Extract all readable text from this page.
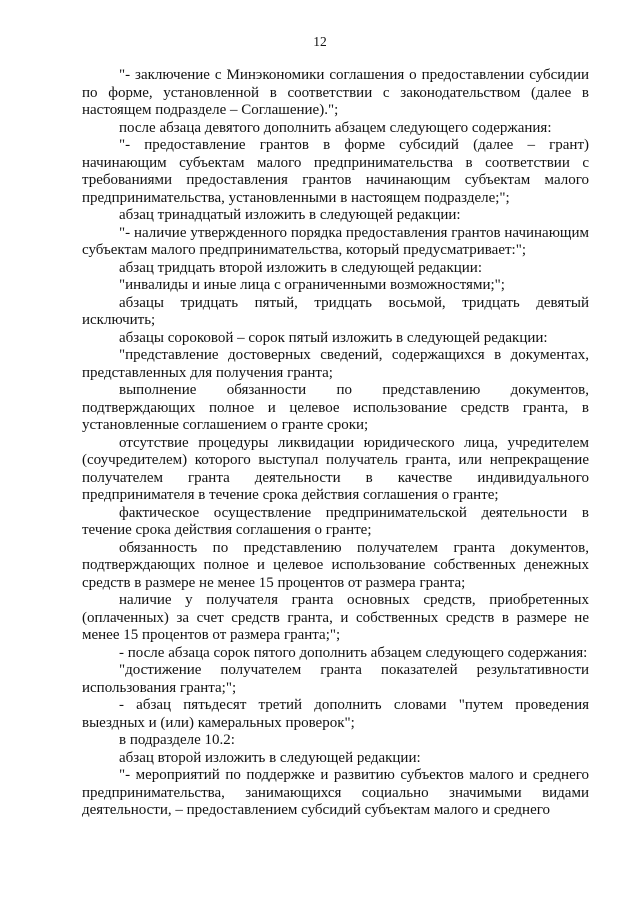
12

"- заключение с Минэкономики соглашения о предоставлении субсидии по форме, установленной в соответствии с законодательством (далее в настоящем подразделе – Соглашение).";

после абзаца девятого дополнить абзацем следующего содержания:

"- предоставление грантов в форме субсидий (далее – грант) начинающим субъектам малого предпринимательства в соответствии с требованиями предоставления грантов начинающим субъектам малого предпринимательства, установленными в настоящем подразделе;";

абзац тринадцатый изложить в следующей редакции:

"- наличие утвержденного порядка предоставления грантов начинающим субъектам малого предпринимательства, который предусматривает:";

абзац тридцать второй изложить в следующей редакции:

"инвалиды и иные лица с ограниченными возможностями;";

абзацы тридцать пятый, тридцать восьмой, тридцать девятый исключить;

абзацы сороковой – сорок пятый изложить в следующей редакции:

"представление достоверных сведений, содержащихся в документах, представленных для получения гранта;

выполнение обязанности по представлению документов, подтверждающих полное и целевое использование средств гранта, в установленные соглашением о гранте сроки;

отсутствие процедуры ликвидации юридического лица, учредителем (соучредителем) которого выступал получатель гранта, или непрекращение получателем гранта деятельности в качестве индивидуального предпринимателя в течение срока действия соглашения о гранте;

фактическое осуществление предпринимательской деятельности в течение срока действия соглашения о гранте;

обязанность по представлению получателем гранта документов, подтверждающих полное и целевое использование собственных денежных средств в размере не менее 15 процентов от размера гранта;

наличие у получателя гранта основных средств, приобретенных (оплаченных) за счет средств гранта, и собственных средств в размере не менее 15 процентов от размера гранта;";

- после абзаца сорок пятого дополнить абзацем следующего содержания:

"достижение получателем гранта показателей результативности использования гранта;";

- абзац пятьдесят третий дополнить словами "путем проведения выездных и (или) камеральных проверок";

в подразделе 10.2:

абзац второй изложить в следующей редакции:

"- мероприятий по поддержке и развитию субъектов малого и среднего предпринимательства, занимающихся социально значимыми видами деятельности, – предоставлением субсидий субъектам малого и среднего
